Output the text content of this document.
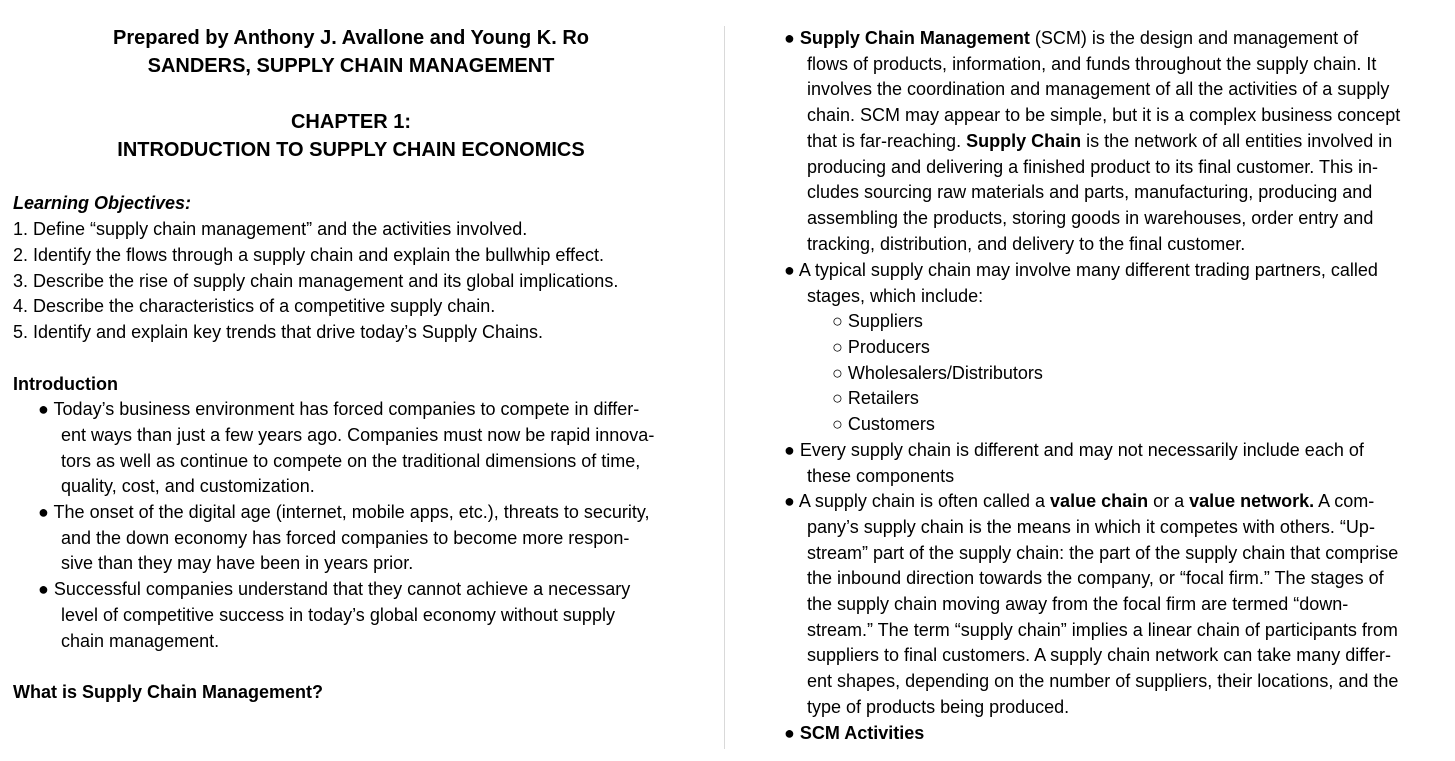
Prepared by Anthony J. Avallone and Young K. Ro
SANDERS, SUPPLY CHAIN MANAGEMENT
CHAPTER 1:
INTRODUCTION TO SUPPLY CHAIN ECONOMICS
Learning Objectives:
1. Define “supply chain management” and the activities involved.
2. Identify the flows through a supply chain and explain the bullwhip effect.
3. Describe the rise of supply chain management and its global implications.
4. Describe the characteristics of a competitive supply chain.
5. Identify and explain key trends that drive today’s Supply Chains.
Introduction
● Today’s business environment has forced companies to compete in differ-
ent ways than just a few years ago. Companies must now be rapid innova-
tors as well as continue to compete on the traditional dimensions of time,
quality, cost, and customization.
● The onset of the digital age (internet, mobile apps, etc.), threats to security,
and the down economy has forced companies to become more respon-
sive than they may have been in years prior.
● Successful companies understand that they cannot achieve a necessary
level of competitive success in today’s global economy without supply
chain management.
What is Supply Chain Management?
● Supply Chain Management (SCM) is the design and management of
flows of products, information, and funds throughout the supply chain. It
involves the coordination and management of all the activities of a supply
chain. SCM may appear to be simple, but it is a complex business concept
that is far-reaching. Supply Chain is the network of all entities involved in
producing and delivering a finished product to its final customer. This in-
cludes sourcing raw materials and parts, manufacturing, producing and
assembling the products, storing goods in warehouses, order entry and
tracking, distribution, and delivery to the final customer.
● A typical supply chain may involve many different trading partners, called
stages, which include:
○ Suppliers
○ Producers
○ Wholesalers/Distributors
○ Retailers
○ Customers
● Every supply chain is different and may not necessarily include each of
these components
● A supply chain is often called a value chain or a value network. A com-
pany’s supply chain is the means in which it competes with others. “Up-
stream” part of the supply chain: the part of the supply chain that comprise
the inbound direction towards the company, or “focal firm.” The stages of
the supply chain moving away from the focal firm are termed “down-
stream.” The term “supply chain” implies a linear chain of participants from
suppliers to final customers. A supply chain network can take many differ-
ent shapes, depending on the number of suppliers, their locations, and the
type of products being produced.
● SCM Activities
